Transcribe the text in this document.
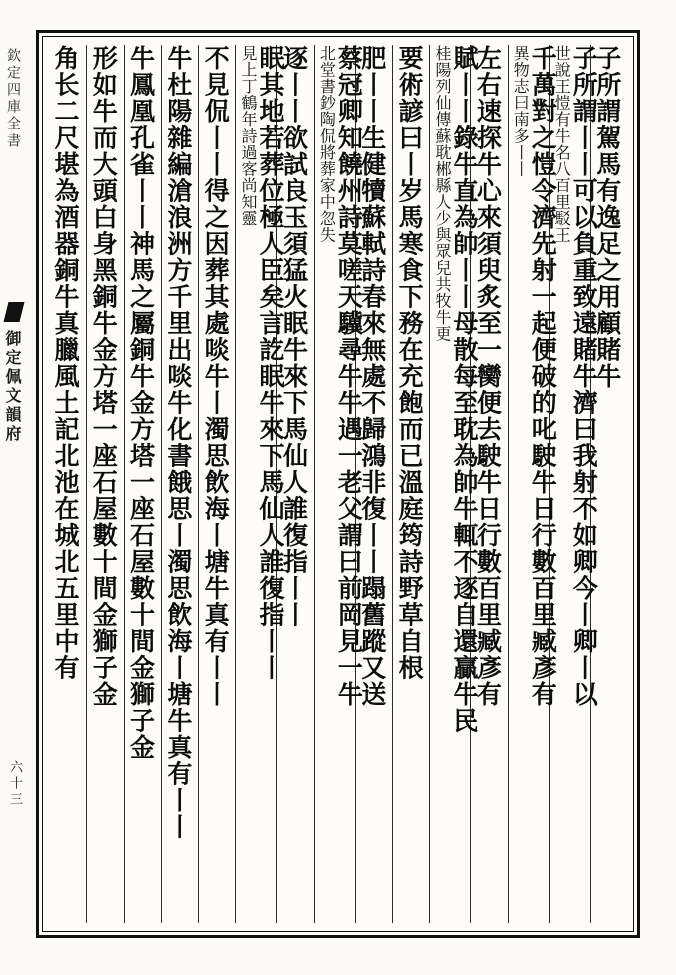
欽定四庫全書
御定佩文韻府
六十三
子所謂駕馬有逸足之用顧賭牛
子所謂丨丨可以負重致遠賭牛濟曰我射不如卿今丨卿丨以
世說王愷有牛名八百里駁王
千萬對之愷令濟先射一起便破的叱駛牛日行數百里臧彥有
異物志曰南多丨丨
左右速探牛心來須臾炙至一臠便去駛牛日行數百里臧彥有
賦丨丨錄牛直為帥丨丨母散每至耽為帥牛輒不逐自還贏牛民
桂陽列仙傳蘇耽郴縣人少與眾兒共牧牛更
要術諺曰丨岁馬寒食下務在充飽而已溫庭筠詩野草自根
肥丨丨生健犢蘇軾詩春來無處不歸鴻非復丨丨蹋舊蹤又送
蔡冠卿知饒州詩莫嗟天驥尋牛牛遇一老父謂曰前岡見一牛
北堂書鈔陶侃將葬家中忽失
逐丨丨欲試良玉須猛火眠牛來下馬仙人誰復指丨丨
眠其地若葬位極人臣矣言訖眠牛來下馬仙人誰復指丨丨
見上丁鶴年詩過客尚知靈
不見侃丨丨得之因葬其處啖牛丨濁思飲海丨塘牛真有丨丨
牛杜陽雜編滄浪洲方千里出啖牛化書餓思丨濁思飲海丨塘牛真有丨丨
牛鳳凰孔雀丨丨神馬之屬銅牛金方塔一座石屋數十間金獅子金
形如牛而大頭白身黑銅牛金方塔一座石屋數十間金獅子金
角长二尺堪為酒器銅牛真臘風土記北池在城北五里中有
